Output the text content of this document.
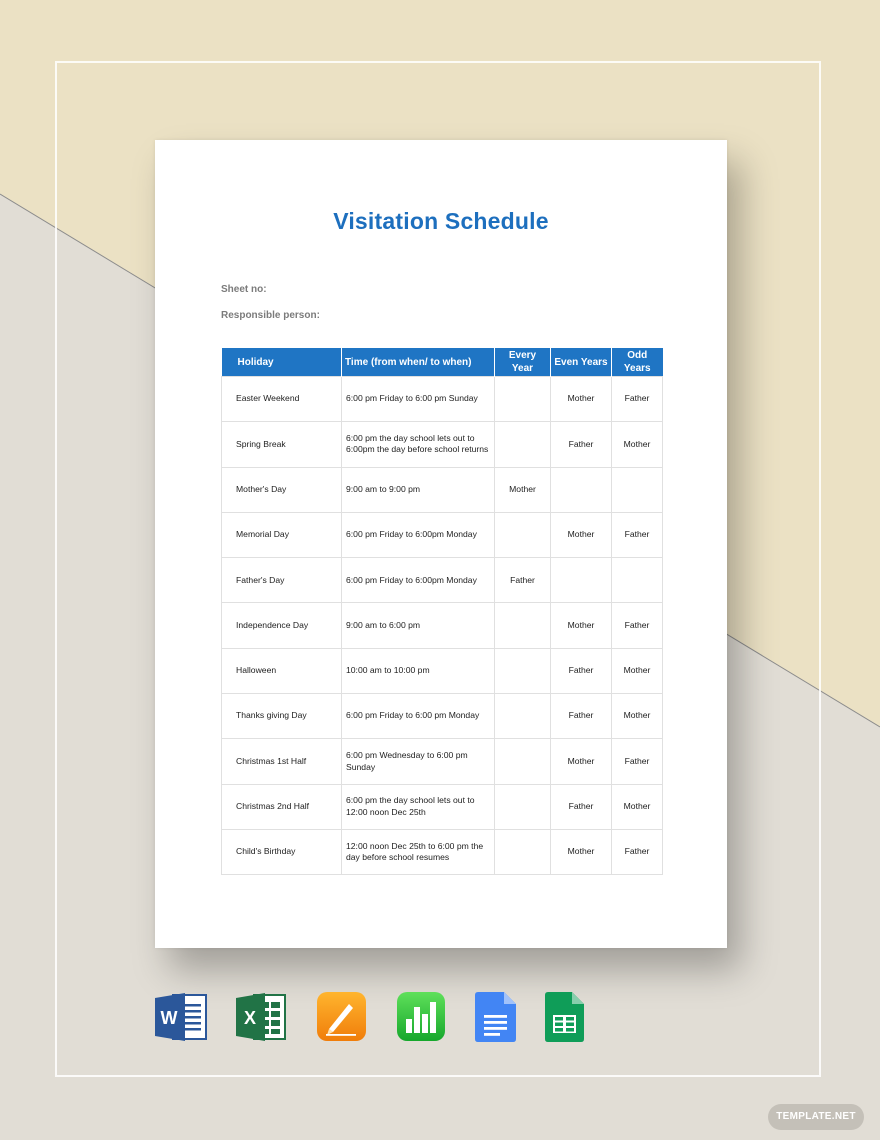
Visitation Schedule
Sheet no:
Responsible person:
Holiday	Time (from when/ to when)	Every Year	Even Years	Odd Years
Easter Weekend	6:00 pm Friday to 6:00 pm Sunday		Mother	Father
Spring Break	6:00 pm the day school lets out to 6:00pm the day before school returns		Father	Mother
Mother's Day	9:00 am to 9:00 pm	Mother		
Memorial Day	6:00 pm Friday to 6:00pm Monday		Mother	Father
Father's Day	6:00 pm Friday to 6:00pm Monday	Father		
Independence Day	9:00 am to 6:00 pm		Mother	Father
Halloween	10:00 am to 10:00 pm		Father	Mother
Thanks giving Day	6:00 pm Friday to 6:00 pm Monday		Father	Mother
Christmas 1st Half	6:00 pm Wednesday to 6:00 pm Sunday		Mother	Father
Christmas 2nd Half	6:00 pm the day school lets out to 12:00 noon Dec 25th		Father	Mother
Child's Birthday	12:00 noon Dec 25th to 6:00 pm the day before school resumes		Mother	Father
W	X
TEMPLATE.NET
